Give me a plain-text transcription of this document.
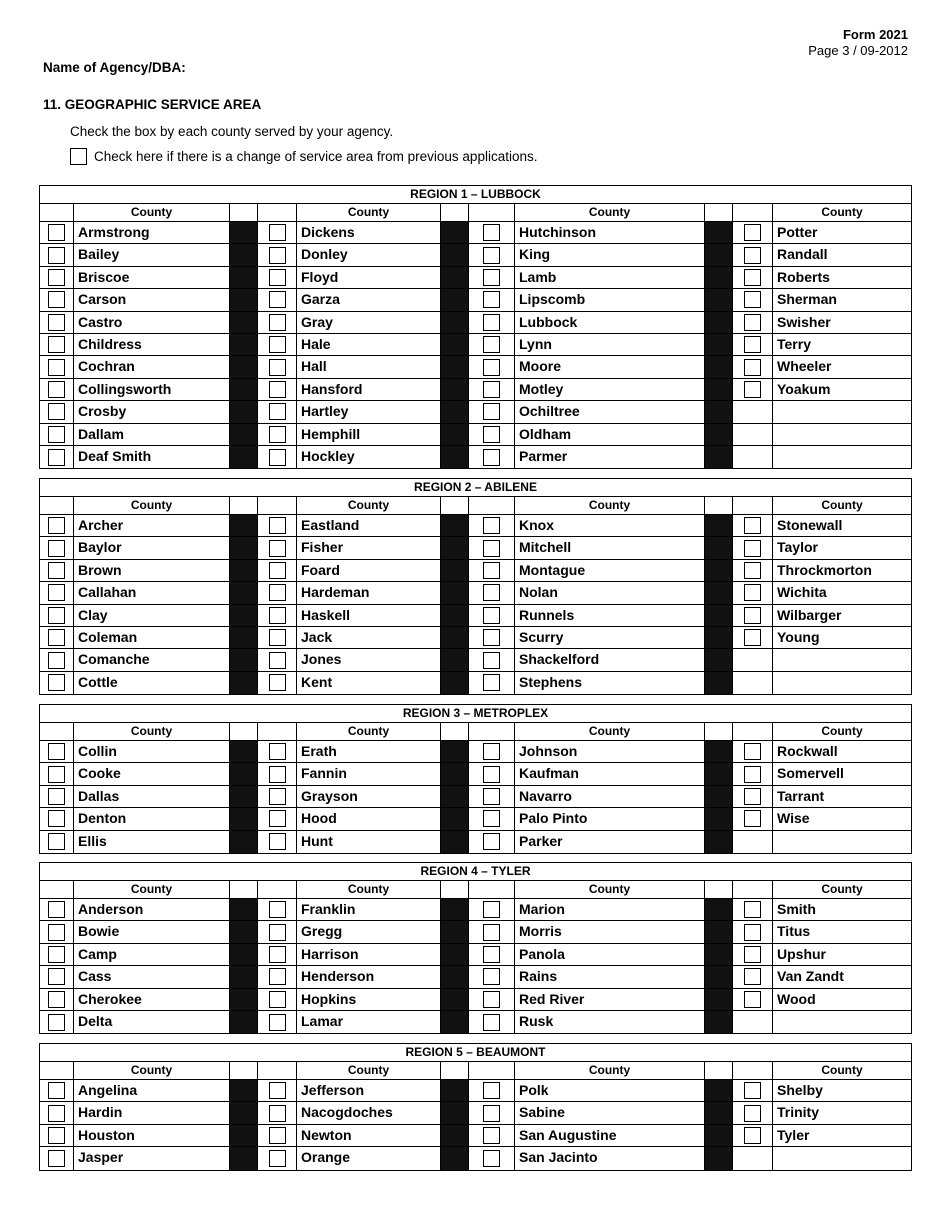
Form 2021
Page 3 / 09-2012
Name of Agency/DBA:
11. GEOGRAPHIC SERVICE AREA
Check the box by each county served by your agency.
Check here if there is a change of service area from previous applications.
REGION 1 – LUBBOCK
County	County	County	County
Armstrong	Dickens	Hutchinson	Potter
Bailey	Donley	King	Randall
Briscoe	Floyd	Lamb	Roberts
Carson	Garza	Lipscomb	Sherman
Castro	Gray	Lubbock	Swisher
Childress	Hale	Lynn	Terry
Cochran	Hall	Moore	Wheeler
Collingsworth	Hansford	Motley	Yoakum
Crosby	Hartley	Ochiltree
Dallam	Hemphill	Oldham
Deaf Smith	Hockley	Parmer
REGION 2 – ABILENE
County	County	County	County
Archer	Eastland	Knox	Stonewall
Baylor	Fisher	Mitchell	Taylor
Brown	Foard	Montague	Throckmorton
Callahan	Hardeman	Nolan	Wichita
Clay	Haskell	Runnels	Wilbarger
Coleman	Jack	Scurry	Young
Comanche	Jones	Shackelford
Cottle	Kent	Stephens
REGION 3 – METROPLEX
County	County	County	County
Collin	Erath	Johnson	Rockwall
Cooke	Fannin	Kaufman	Somervell
Dallas	Grayson	Navarro	Tarrant
Denton	Hood	Palo Pinto	Wise
Ellis	Hunt	Parker
REGION 4 – TYLER
County	County	County	County
Anderson	Franklin	Marion	Smith
Bowie	Gregg	Morris	Titus
Camp	Harrison	Panola	Upshur
Cass	Henderson	Rains	Van Zandt
Cherokee	Hopkins	Red River	Wood
Delta	Lamar	Rusk
REGION 5 – BEAUMONT
County	County	County	County
Angelina	Jefferson	Polk	Shelby
Hardin	Nacogdoches	Sabine	Trinity
Houston	Newton	San Augustine	Tyler
Jasper	Orange	San Jacinto
